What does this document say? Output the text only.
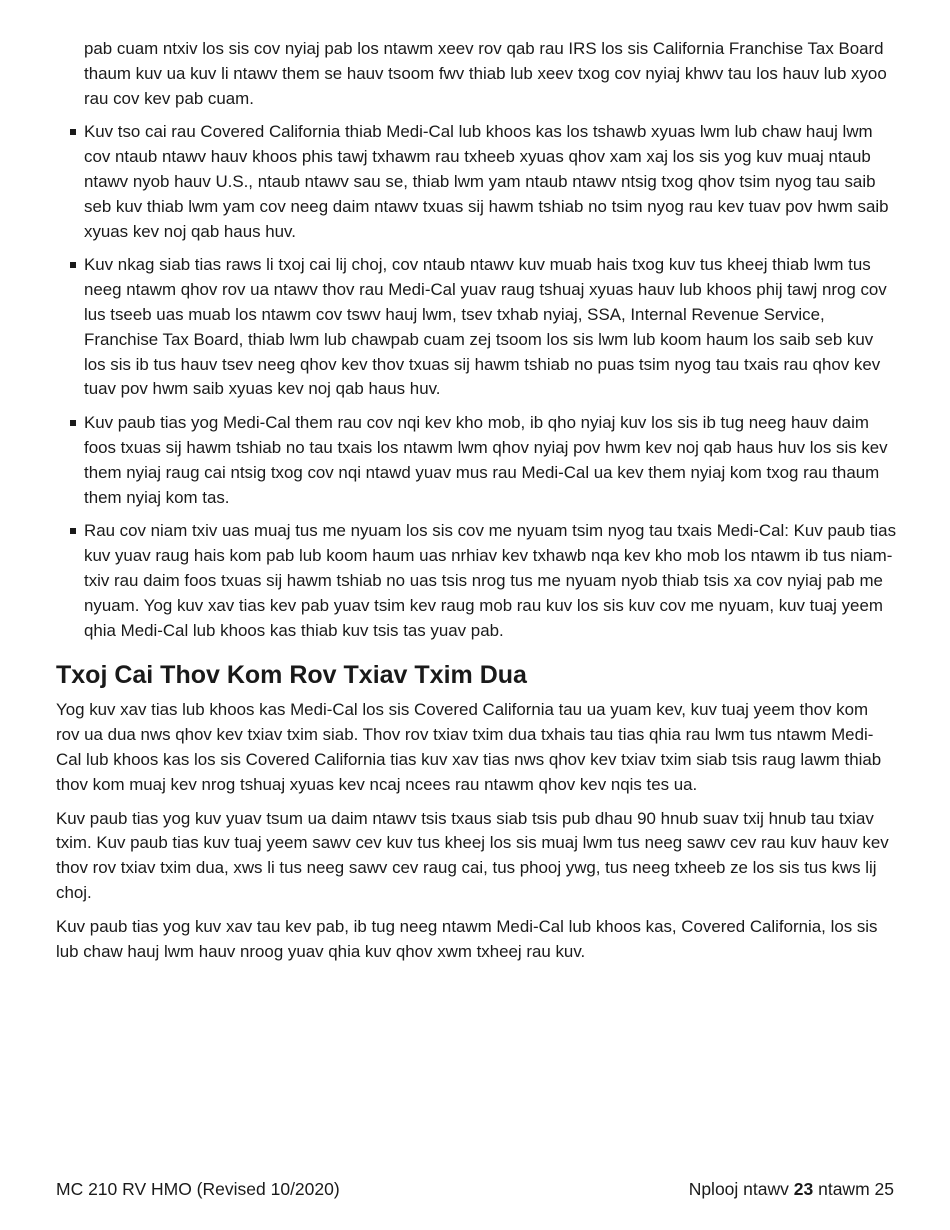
pab cuam ntxiv los sis cov nyiaj pab los ntawm xeev rov qab rau IRS los sis California Franchise Tax Board thaum kuv ua kuv li ntawv them se hauv tsoom fwv thiab lub xeev txog cov nyiaj khwv tau los hauv lub xyoo rau cov kev pab cuam.

Kuv tso cai rau Covered California thiab Medi-Cal lub khoos kas los tshawb xyuas lwm lub chaw hauj lwm cov ntaub ntawv hauv khoos phis tawj txhawm rau txheeb xyuas qhov xam xaj los sis yog kuv muaj ntaub ntawv nyob hauv U.S., ntaub ntawv sau se, thiab lwm yam ntaub ntawv ntsig txog qhov tsim nyog tau saib seb kuv thiab lwm yam cov neeg daim ntawv txuas sij hawm tshiab no tsim nyog rau kev tuav pov hwm saib xyuas kev noj qab haus huv.
Kuv nkag siab tias raws li txoj cai lij choj, cov ntaub ntawv kuv muab hais txog kuv tus kheej thiab lwm tus neeg ntawm qhov rov ua ntawv thov rau Medi-Cal yuav raug tshuaj xyuas hauv lub khoos phij tawj nrog cov lus tseeb uas muab los ntawm cov tswv hauj lwm, tsev txhab nyiaj, SSA, Internal Revenue Service, Franchise Tax Board, thiab lwm lub chawpab cuam zej tsoom los sis lwm lub koom haum los saib seb kuv los sis ib tus hauv tsev neeg qhov kev thov txuas sij hawm tshiab no puas tsim nyog tau txais rau qhov kev tuav pov hwm saib xyuas kev noj qab haus huv.
Kuv paub tias yog Medi-Cal them rau cov nqi kev kho mob, ib qho nyiaj kuv los sis ib tug neeg hauv daim foos txuas sij hawm tshiab no tau txais los ntawm lwm qhov nyiaj pov hwm kev noj qab haus huv los sis kev them nyiaj raug cai ntsig txog cov nqi ntawd yuav mus rau Medi-Cal ua kev them nyiaj kom txog rau thaum them nyiaj kom tas.
Rau cov niam txiv uas muaj tus me nyuam los sis cov me nyuam tsim nyog tau txais Medi-Cal: Kuv paub tias kuv yuav raug hais kom pab lub koom haum uas nrhiav kev txhawb nqa kev kho mob los ntawm ib tus niam-txiv rau daim foos txuas sij hawm tshiab no uas tsis nrog tus me nyuam nyob thiab tsis xa cov nyiaj pab me nyuam. Yog kuv xav tias kev pab yuav tsim kev raug mob rau kuv los sis kuv cov me nyuam, kuv tuaj yeem qhia Medi-Cal lub khoos kas thiab kuv tsis tas yuav pab.
Txoj Cai Thov Kom Rov Txiav Txim Dua

Yog kuv xav tias lub khoos kas Medi-Cal los sis Covered California tau ua yuam kev, kuv tuaj yeem thov kom rov ua dua nws qhov kev txiav txim siab. Thov rov txiav txim dua txhais tau tias qhia rau lwm tus ntawm Medi-Cal lub khoos kas los sis Covered California tias kuv xav tias nws qhov kev txiav txim siab tsis raug lawm thiab thov kom muaj kev nrog tshuaj xyuas kev ncaj ncees rau ntawm qhov kev nqis tes ua.

Kuv paub tias yog kuv yuav tsum ua daim ntawv tsis txaus siab tsis pub dhau 90 hnub suav txij hnub tau txiav txim. Kuv paub tias kuv tuaj yeem sawv cev kuv tus kheej los sis muaj lwm tus neeg sawv cev rau kuv hauv kev thov rov txiav txim dua, xws li tus neeg sawv cev raug cai, tus phooj ywg, tus neeg txheeb ze los sis tus kws lij choj.

Kuv paub tias yog kuv xav tau kev pab, ib tug neeg ntawm Medi-Cal lub khoos kas, Covered California, los sis lub chaw hauj lwm hauv nroog yuav qhia kuv qhov xwm txheej rau kuv.

MC 210 RV HMO (Revised 10/2020)	Nplooj ntawv 23 ntawm 25
